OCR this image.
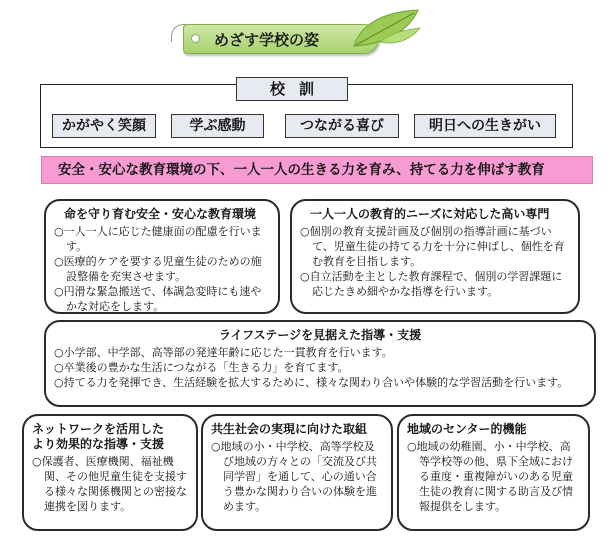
めざす学校の姿
校訓
かがやく笑顔	学ぶ感動	つながる喜び	明日への生きがい
安全・安心な教育環境の下、一人一人の生きる力を育み、持てる力を伸ばす教育
命を守り育む安全・安心な教育環境
○ 一人一人に応じた健康面の配慮を行います。
○ 医療的ケアを要する児童生徒のための施設整備を充実させます。
○ 円滑な緊急搬送で、体調急変時にも速やかな対応をします。
一人一人の教育的ニーズに対応した高い専門
○ 個別の教育支援計画及び個別の指導計画に基づいて、児童生徒の持てる力を十分に伸ばし、個性を育む教育を目指します。
○ 自立活動を主とした教育課程で、個別の学習課題に応じたきめ細やかな指導を行います。
ライフステージを見据えた指導・支援
○ 小学部、中学部、高等部の発達年齢に応じた一貫教育を行います。
○ 卒業後の豊かな生活につながる「生きる力」を育てます。
○ 持てる力を発揮でき、生活経験を拡大するために、様々な関わり合いや体験的な学習活動を行います。
ネットワークを活用した
より効果的な指導・支援
○ 保護者、医療機関、福祉機関、その他児童生徒を支援する様々な関係機関との密接な連携を図ります。
共生社会の実現に向けた取組
○ 地域の小・中学校、高等学校及び地域の方々との「交流及び共同学習」を通して、心の通い合う豊かな関わり合いの体験を進めます。
地域のセンター的機能
○ 地域の幼稚園、小・中学校、高等学校等の他、県下全域における重度・重複障がいのある児童生徒の教育に関する助言及び情報提供をします。
